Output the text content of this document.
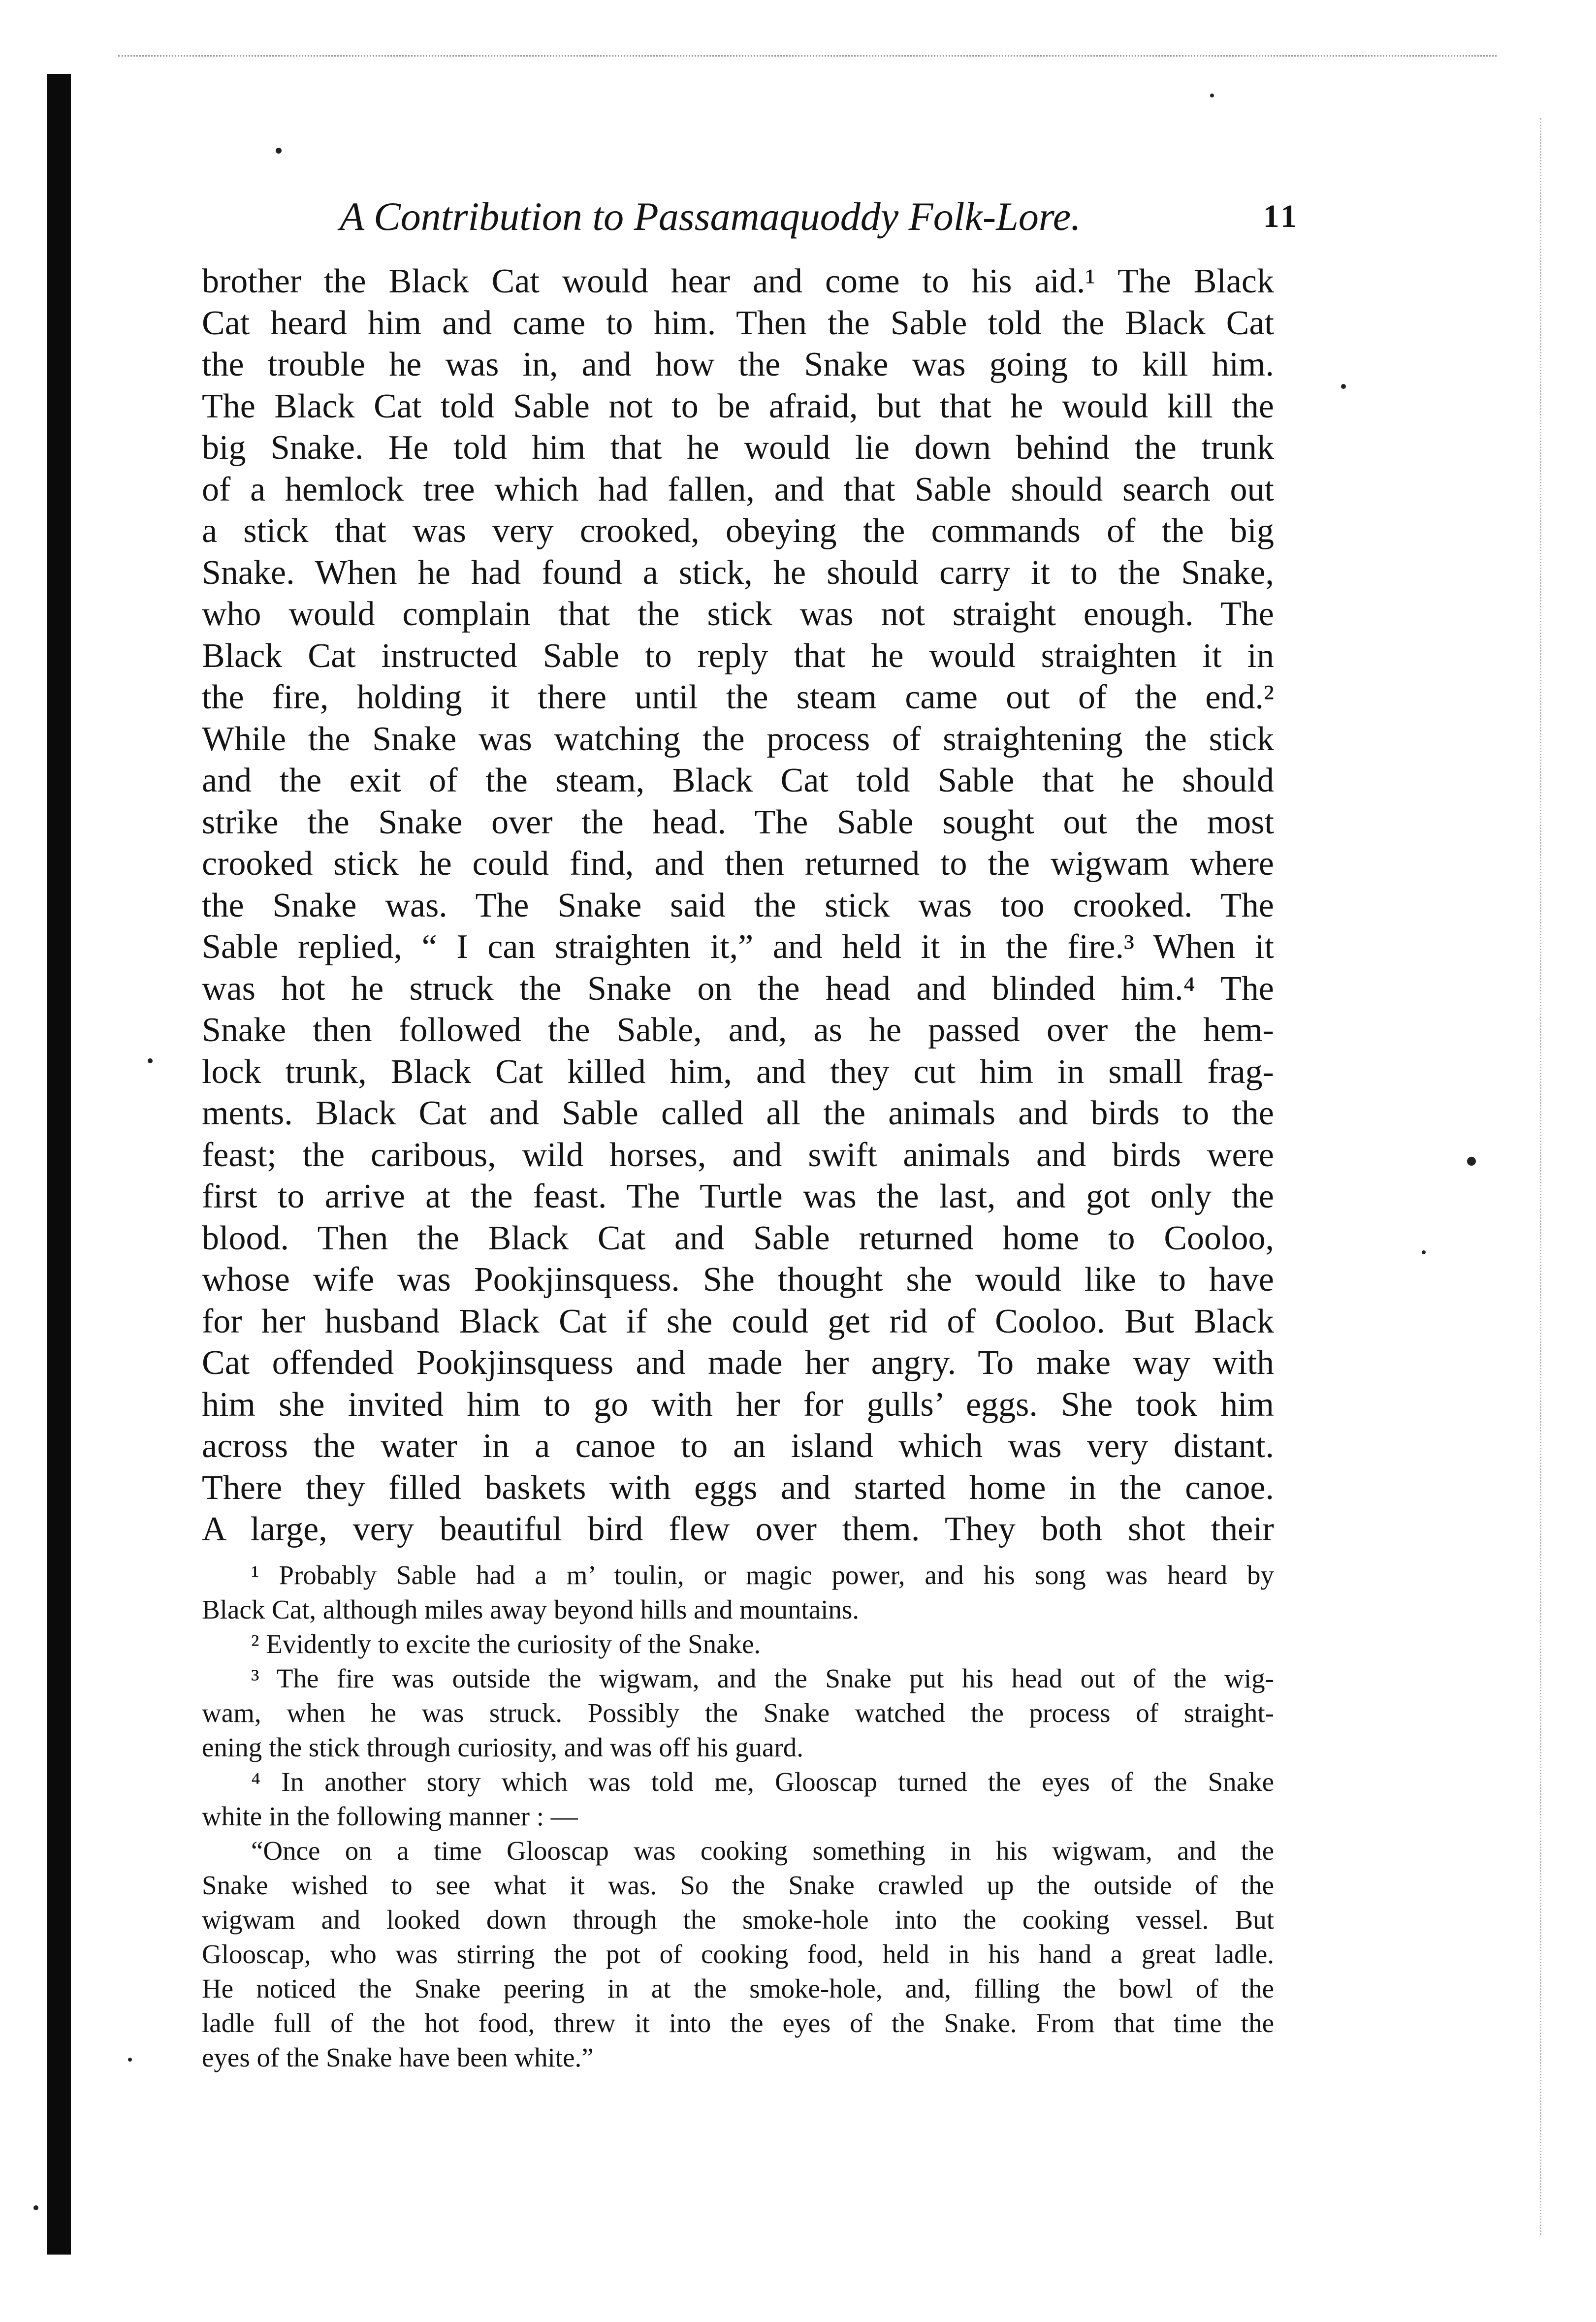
A Contribution to Passamaquoddy Folk-Lore.	11
brother the Black Cat would hear and come to his aid.¹ The Black
Cat heard him and came to him. Then the Sable told the Black Cat
the trouble he was in, and how the Snake was going to kill him.
The Black Cat told Sable not to be afraid, but that he would kill the
big Snake. He told him that he would lie down behind the trunk
of a hemlock tree which had fallen, and that Sable should search out
a stick that was very crooked, obeying the commands of the big
Snake. When he had found a stick, he should carry it to the Snake,
who would complain that the stick was not straight enough. The
Black Cat instructed Sable to reply that he would straighten it in
the fire, holding it there until the steam came out of the end.²
While the Snake was watching the process of straightening the stick
and the exit of the steam, Black Cat told Sable that he should
strike the Snake over the head. The Sable sought out the most
crooked stick he could find, and then returned to the wigwam where
the Snake was. The Snake said the stick was too crooked. The
Sable replied, “ I can straighten it,” and held it in the fire.³ When it
was hot he struck the Snake on the head and blinded him.⁴ The
Snake then followed the Sable, and, as he passed over the hem-
lock trunk, Black Cat killed him, and they cut him in small frag-
ments. Black Cat and Sable called all the animals and birds to the
feast; the caribous, wild horses, and swift animals and birds were
first to arrive at the feast. The Turtle was the last, and got only the
blood. Then the Black Cat and Sable returned home to Cooloo,
whose wife was Pookjinsquess. She thought she would like to have
for her husband Black Cat if she could get rid of Cooloo. But Black
Cat offended Pookjinsquess and made her angry. To make way with
him she invited him to go with her for gulls’ eggs. She took him
across the water in a canoe to an island which was very distant.
There they filled baskets with eggs and started home in the canoe.
A large, very beautiful bird flew over them. They both shot their
¹ Probably Sable had a m’ toulin, or magic power, and his song was heard by
Black Cat, although miles away beyond hills and mountains.
² Evidently to excite the curiosity of the Snake.
³ The fire was outside the wigwam, and the Snake put his head out of the wig-
wam, when he was struck. Possibly the Snake watched the process of straight-
ening the stick through curiosity, and was off his guard.
⁴ In another story which was told me, Glooscap turned the eyes of the Snake
white in the following manner : —
“Once on a time Glooscap was cooking something in his wigwam, and the
Snake wished to see what it was. So the Snake crawled up the outside of the
wigwam and looked down through the smoke-hole into the cooking vessel. But
Glooscap, who was stirring the pot of cooking food, held in his hand a great ladle.
He noticed the Snake peering in at the smoke-hole, and, filling the bowl of the
ladle full of the hot food, threw it into the eyes of the Snake. From that time the
eyes of the Snake have been white.”
